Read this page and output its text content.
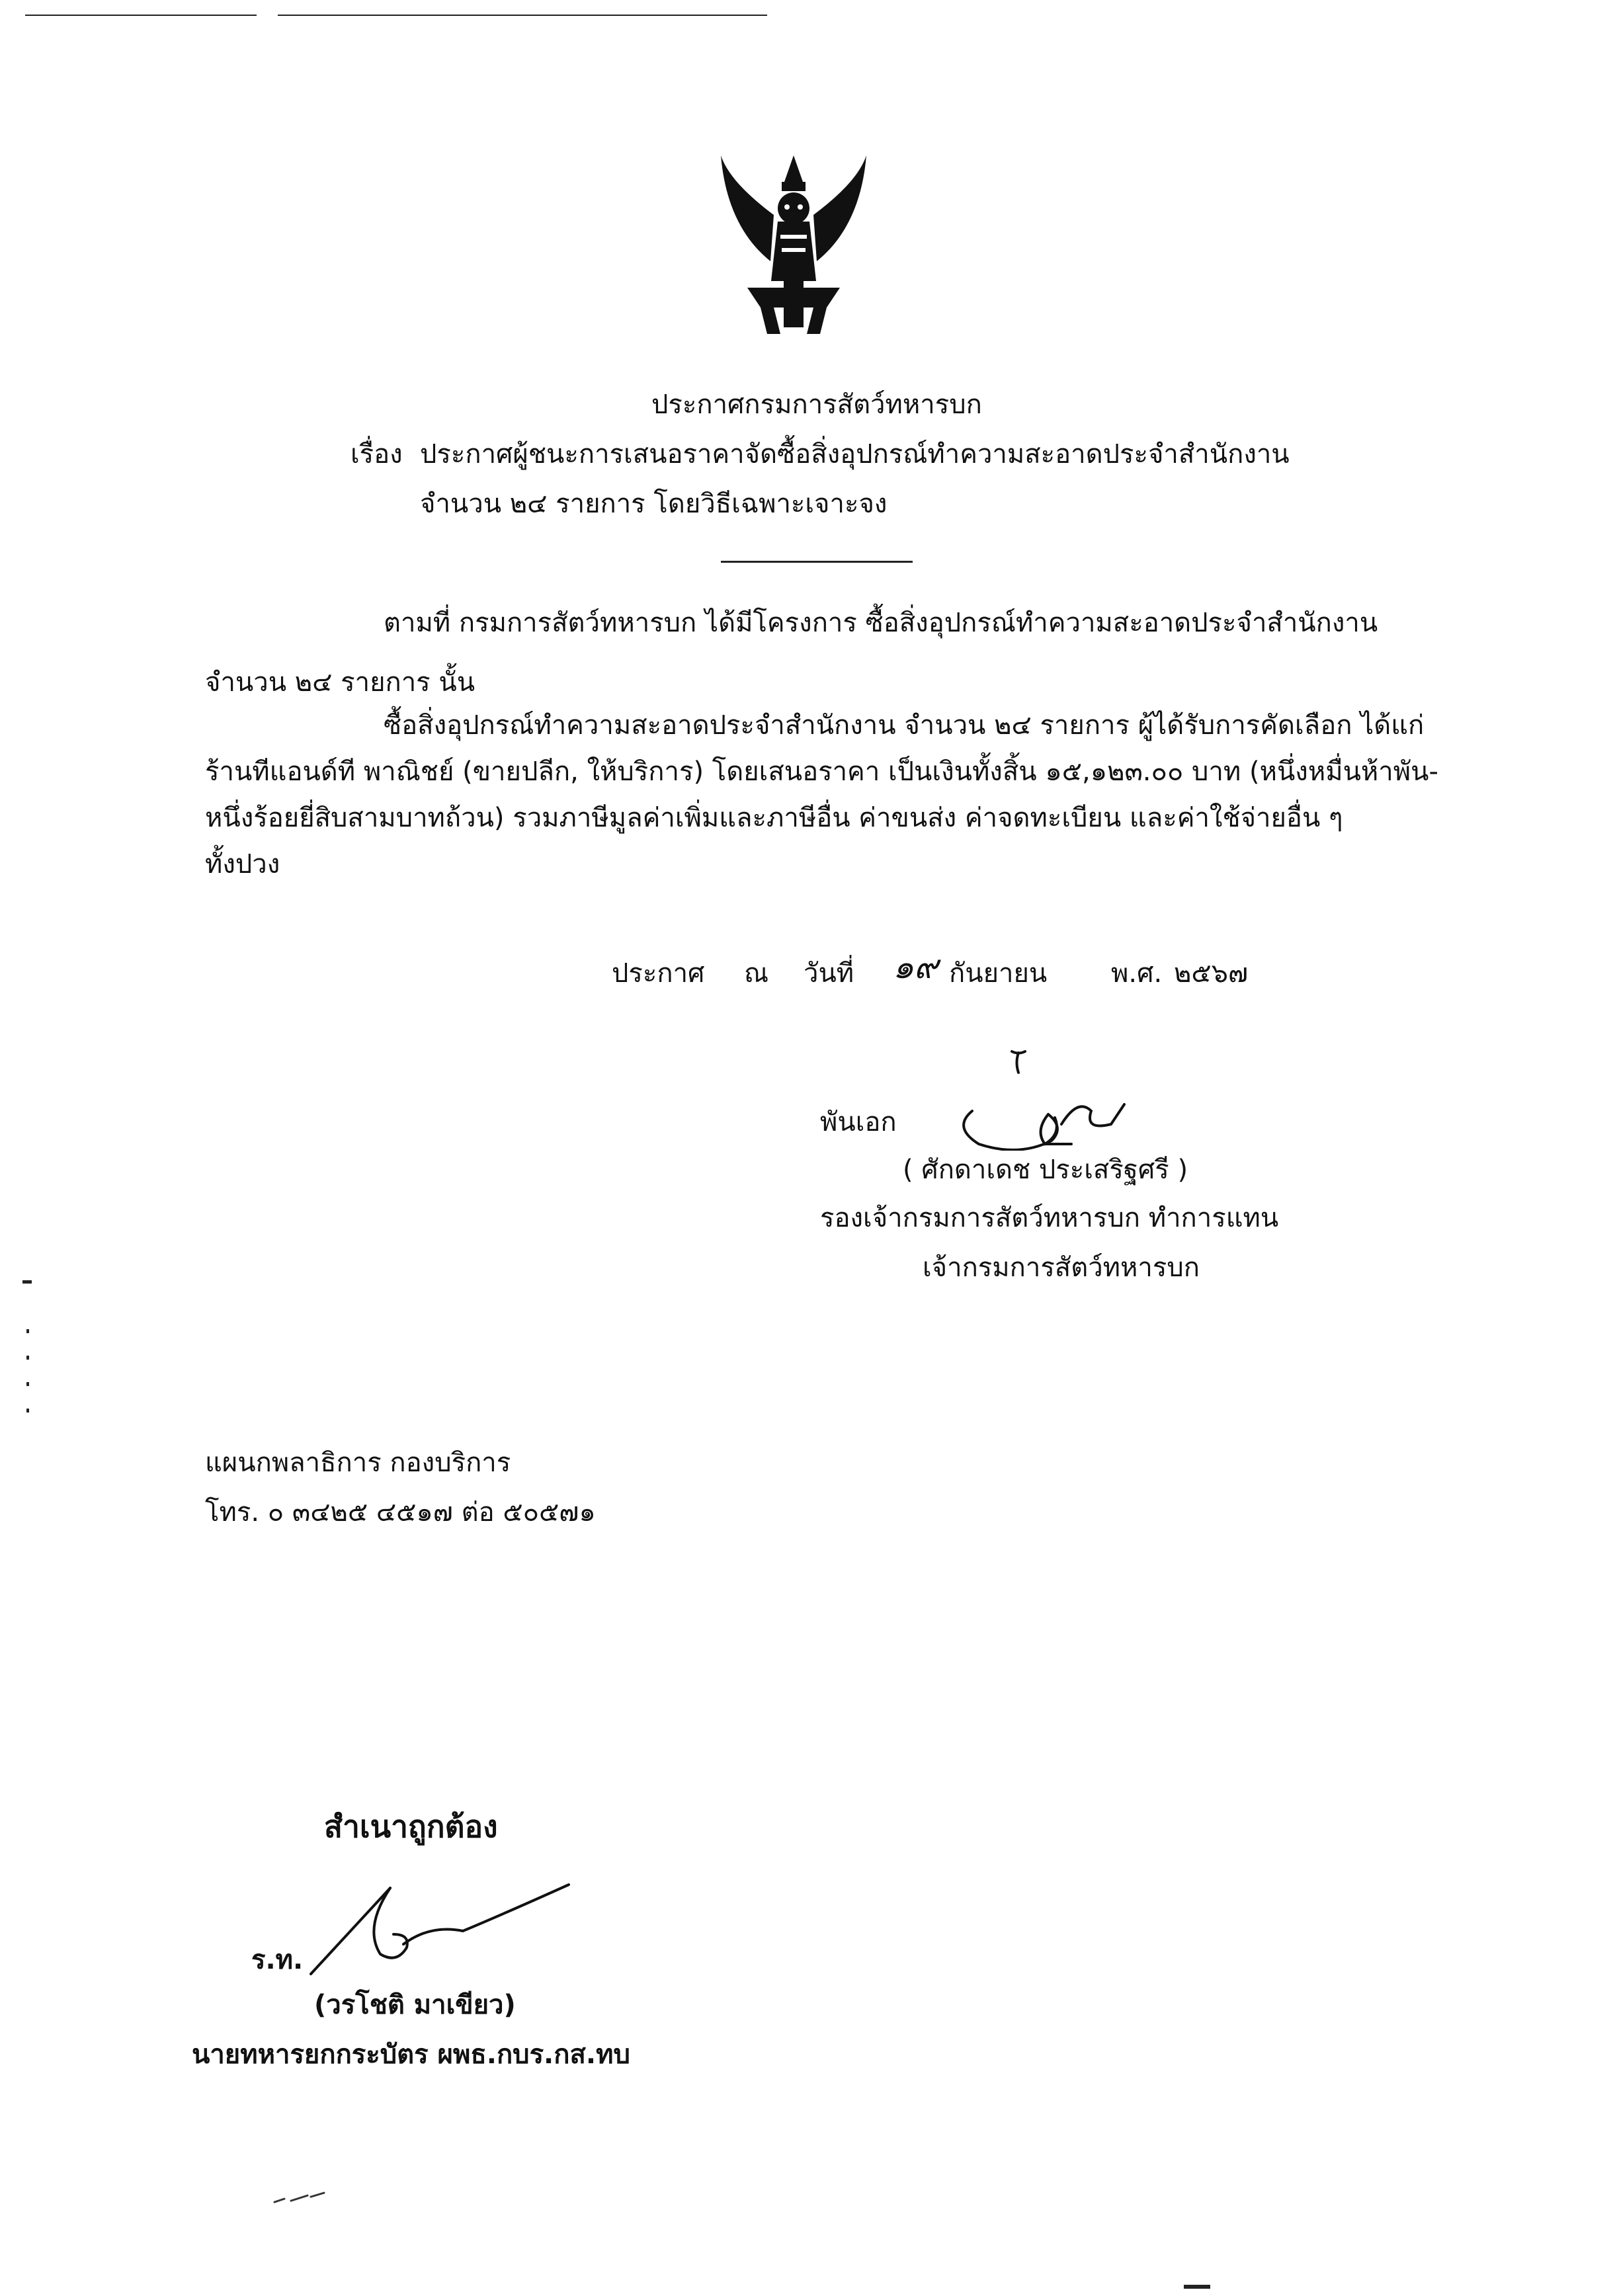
ประกาศกรมการสัตว์ทหารบก
เรื่อง ประกาศผู้ชนะการเสนอราคาจัดซื้อสิ่งอุปกรณ์ทำความสะอาดประจำสำนักงาน
จำนวน ๒๔ รายการ โดยวิธีเฉพาะเจาะจง
ตามที่ กรมการสัตว์ทหารบก ได้มีโครงการ ซื้อสิ่งอุปกรณ์ทำความสะอาดประจำสำนักงาน
จำนวน ๒๔ รายการ นั้น
ซื้อสิ่งอุปกรณ์ทำความสะอาดประจำสำนักงาน จำนวน ๒๔ รายการ ผู้ได้รับการคัดเลือก ได้แก่
ร้านทีแอนด์ที พาณิชย์ (ขายปลีก, ให้บริการ) โดยเสนอราคา เป็นเงินทั้งสิ้น ๑๕,๑๒๓.๐๐ บาท (หนึ่งหมื่นห้าพัน-
หนึ่งร้อยยี่สิบสามบาทถ้วน) รวมภาษีมูลค่าเพิ่มและภาษีอื่น ค่าขนส่ง ค่าจดทะเบียน และค่าใช้จ่ายอื่น ๆ
ทั้งปวง
ประกาศ ณ วันที่ ๑๙ กันยายน พ.ศ. ๒๕๖๗
พันเอก
( ศักดาเดช ประเสริฐศรี )
รองเจ้ากรมการสัตว์ทหารบก ทำการแทน
เจ้ากรมการสัตว์ทหารบก
แผนกพลาธิการ กองบริการ
โทร. ๐ ๓๔๒๕ ๔๕๑๗ ต่อ ๕๐๕๗๑
สำเนาถูกต้อง
ร.ท.
(วรโชติ มาเขียว)
นายทหารยกกระบัตร ผพธ.กบร.กส.ทบ
